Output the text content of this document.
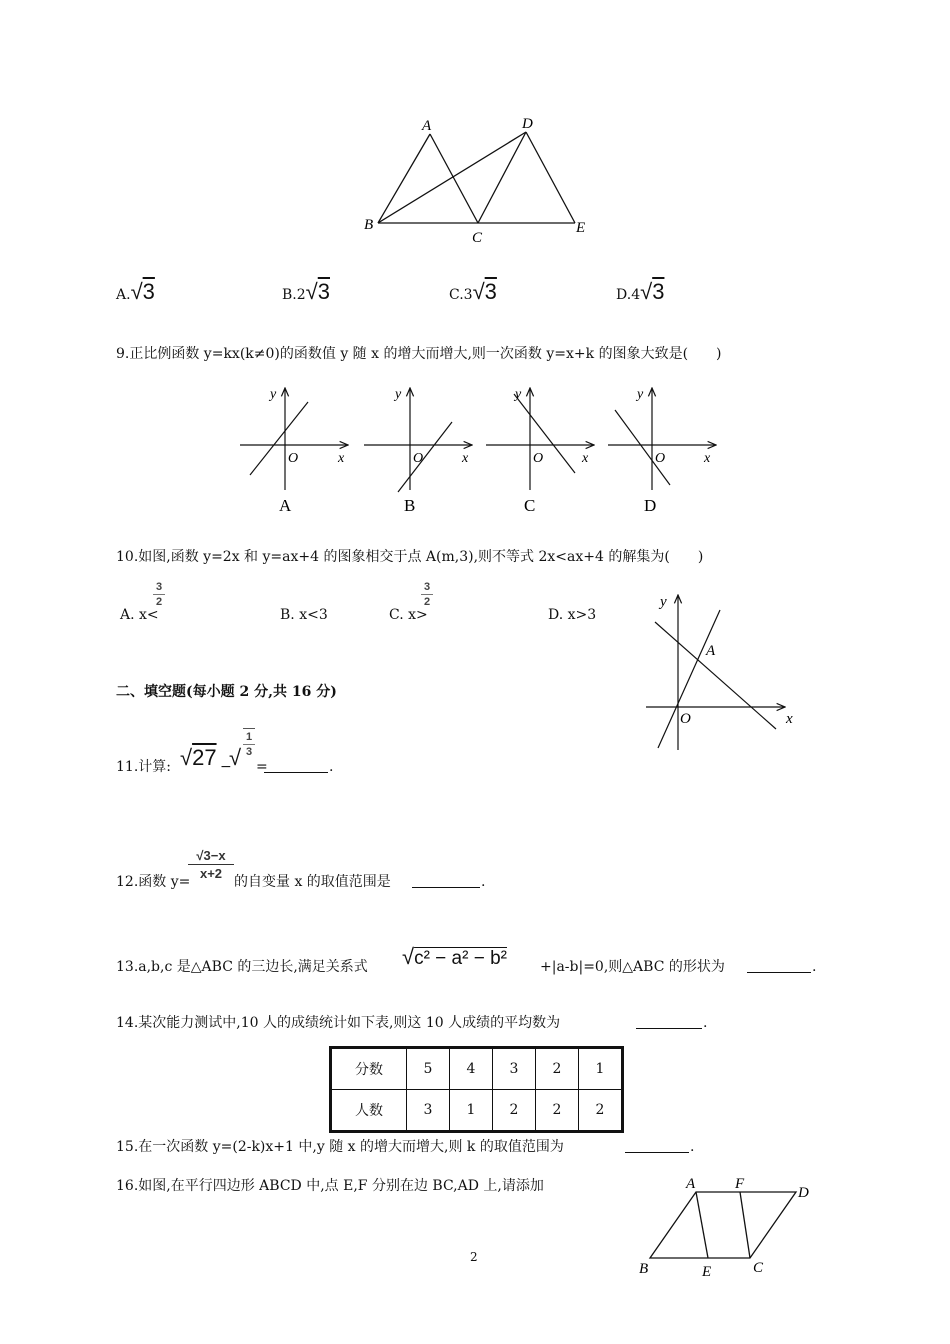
A	D
B
C
E
A.√3	B.2√3	C.3√3	D.4√3
9.正比例函数 y=kx(k≠0)的函数值 y 随 x 的增大而增大,则一次函数 y=x+k 的图象大致是(　　)
y
x
O
A
y
x
O
B
y
x
O
C
y
x
O
D
10.如图,函数 y=2x 和 y=ax+4 的图象相交于点 A(m,3),则不等式 2x<ax+4 的解集为(　　)
A. x<
3
2
B. x<3	C. x>
3
2
D. x>3
y
x
O
A
二、填空题(每小题 2 分,共 16 分)
11.计算: √27 −
√
1
3
=	.
12.函数 y=
√3−x
x+2
的自变量 x 的取值范围是	.
13.a,b,c 是△ABC 的三边长,满足关系式 √c² − a² − b² +|a-b|=0,则△ABC 的形状为	.
14.某次能力测试中,10 人的成绩统计如下表,则这 10 人成绩的平均数为	.
分数	5	4	3	2	1
人数	3	1	2	2	2
15.在一次函数 y=(2-k)x+1 中,y 随 x 的增大而增大,则 k 的取值范围为	.
16.如图,在平行四边形 ABCD 中,点 E,F 分别在边 BC,AD 上,请添加	A	F
D
B	E	C
2
